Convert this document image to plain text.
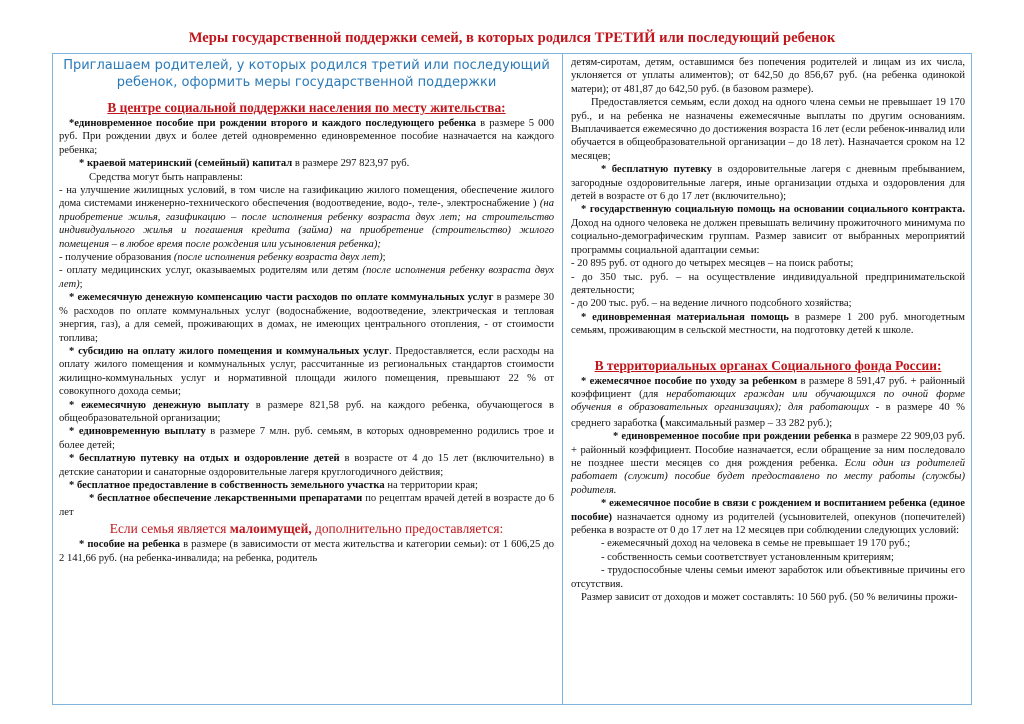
Меры государственной поддержки семей, в которых родился ТРЕТИЙ или последующий ребенок

Приглашаем родителей, у которых родился третий или последующий ребенок, оформить меры государственной поддержки

В центре социальной поддержки населения по месту жительства:

*единовременное пособие при рождении второго и каждого последующего ребенка в размере 5 000 руб. При рождении двух и более детей одновременно единовременное пособие назначается на каждого ребенка;

* краевой материнский (семейный) капитал в размере 297 823,97 руб.

Средства могут быть направлены:

- на улучшение жилищных условий, в том числе на газификацию жилого помещения, обеспечение жилого дома системами инженерно-технического обеспечения (водоотведение, водо-, теле-, электроснабжение ) (на приобретение жилья, газификацию – после исполнения ребенку возраста двух лет; на строительство индивидуального жилья и погашения кредита (займа) на приобретение (строительство) жилого помещения – в любое время после рождения или усыновления ребенка);

- получение образования (после исполнения ребенку возраста двух лет);

- оплату медицинских услуг, оказываемых родителям или детям (после исполнения ребенку возраста двух лет);

* ежемесячную денежную компенсацию части расходов по оплате коммунальных услуг в размере 30 % расходов по оплате коммунальных услуг (водоснабжение, водоотведение, электрическая и тепловая энергия, газ), а для семей, проживающих в домах, не имеющих центрального отопления, - от стоимости топлива;

* субсидию на оплату жилого помещения и коммунальных услуг. Предоставляется, если расходы на оплату жилого помещения и коммунальных услуг, рассчитанные из региональных стандартов стоимости жилищно-коммунальных услуг и нормативной площади жилого помещения, превышают 22 % от совокупного дохода семьи;

* ежемесячную денежную выплату в размере 821,58 руб. на каждого ребенка, обучающегося в общеобразовательной организации;

* единовременную выплату в размере 7 млн. руб. семьям, в которых одновременно родились трое и более детей;

* бесплатную путевку на отдых и оздоровление детей в возрасте от 4 до 15 лет (включительно) в детские санатории и санаторные оздоровительные лагеря круглогодичного действия;

* бесплатное предоставление в собственность земельного участка на территории края;

* бесплатное обеспечение лекарственными препаратами по рецептам врачей детей в возрасте до 6 лет

Если семья является малоимущей, дополнительно предоставляется:

* пособие на ребенка в размере (в зависимости от места жительства и категории семьи): от 1 606,25 до 2 141,66 руб. (на ребенка-инвалида; на ребенка, родитель

детям-сиротам, детям, оставшимся без попечения родителей и лицам из их числа, уклоняется от уплаты алиментов); от 642,50 до 856,67 руб. (на ребенка одинокой матери); от 481,87 до 642,50 руб. (в базовом размере).

Предоставляется семьям, если доход на одного члена семьи не превышает 19 170 руб., и на ребенка не назначены ежемесячные выплаты по другим основаниям. Выплачивается ежемесячно до достижения возраста 16 лет (если ребенок-инвалид или обучается в общеобразовательной организации – до 18 лет). Назначается сроком на 12 месяцев;

* бесплатную путевку в оздоровительные лагеря с дневным пребыванием, загородные оздоровительные лагеря, иные организации отдыха и оздоровления для детей в возрасте от 6 до 17 лет (включительно);

* государственную социальную помощь на основании социального контракта. Доход на одного человека не должен превышать величину прожиточного минимума по социально-демографическим группам. Размер зависит от выбранных мероприятий программы социальной адаптации семьи:

- 20 895 руб. от одного до четырех месяцев – на поиск работы;

- до 350 тыс. руб. – на осуществление индивидуальной предпринимательской деятельности;

- до 200 тыс. руб. – на ведение личного подсобного хозяйства;

* единовременная материальная помощь в размере 1 200 руб. многодетным семьям, проживающим в сельской местности, на подготовку детей к школе.

В территориальных органах Социального фонда России:

* ежемесячное пособие по уходу за ребенком в размере 8 591,47 руб. + районный коэффициент (для неработающих граждан или обучающихся по очной форме обучения в образовательных организациях); для работающих - в размере 40 % среднего заработка (максимальный размер – 33 282 руб.);

* единовременное пособие при рождении ребенка в размере 22 909,03 руб. + районный коэффициент. Пособие назначается, если обращение за ним последовало не позднее шести месяцев со дня рождения ребенка. Если один из родителей работает (служит) пособие будет предоставлено по месту работы (службы) родителя.

* ежемесячное пособие в связи с рождением и воспитанием ребенка (единое пособие) назначается одному из родителей (усыновителей, опекунов (попечителей) ребенка в возрасте от 0 до 17 лет на 12 месяцев при соблюдении следующих условий:

- ежемесячный доход на человека в семье не превышает 19 170 руб.;

- собственность семьи соответствует установленным критериям;

- трудоспособные члены семьи имеют заработок или объективные причины его отсутствия.

Размер зависит от доходов и может составлять: 10 560 руб. (50 % величины прожи-
